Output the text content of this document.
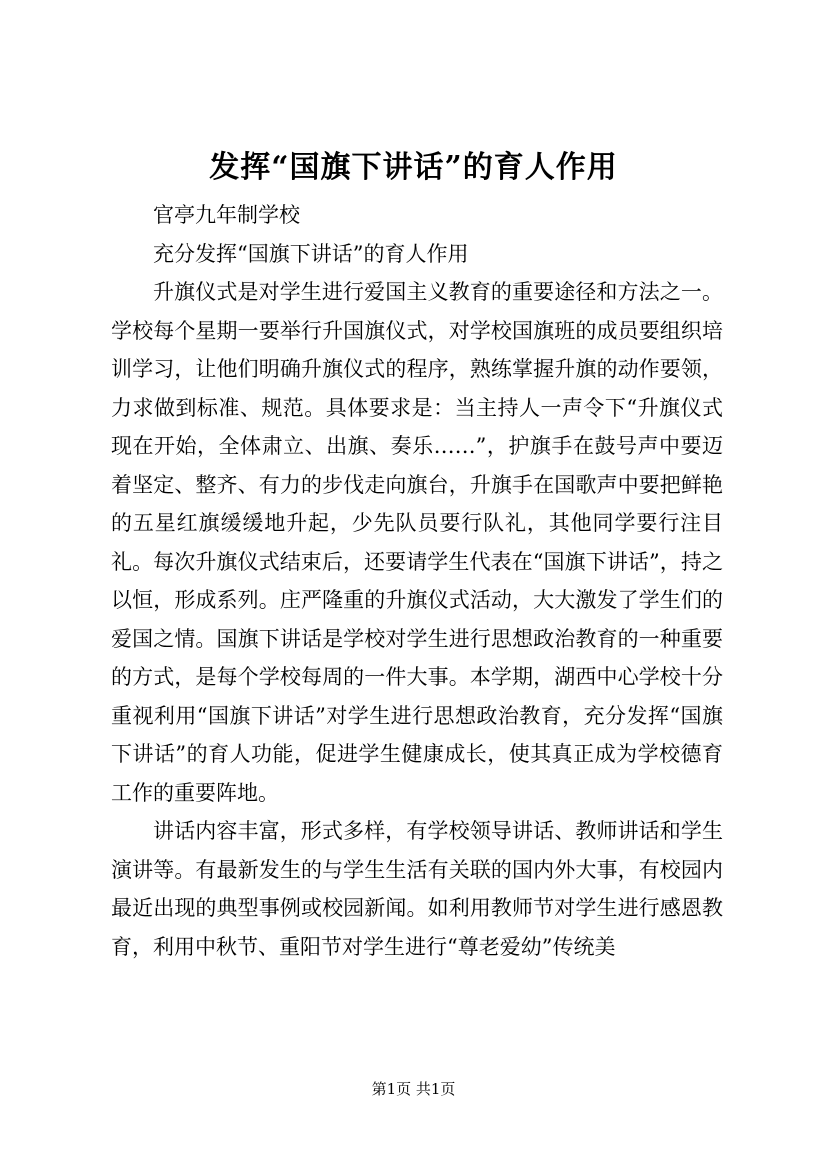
发挥“国旗下讲话”的育人作用

官亭九年制学校

充分发挥“国旗下讲话”的育人作用

升旗仪式是对学生进行爱国主义教育的重要途径和方法之一。学校每个星期一要举行升国旗仪式，对学校国旗班的成员要组织培训学习，让他们明确升旗仪式的程序，熟练掌握升旗的动作要领，力求做到标准、规范。具体要求是：当主持人一声令下“升旗仪式现在开始，全体肃立、出旗、奏乐……”，护旗手在鼓号声中要迈着坚定、整齐、有力的步伐走向旗台，升旗手在国歌声中要把鲜艳的五星红旗缓缓地升起，少先队员要行队礼，其他同学要行注目礼。每次升旗仪式结束后，还要请学生代表在“国旗下讲话”，持之以恒，形成系列。庄严隆重的升旗仪式活动，大大激发了学生们的爱国之情。国旗下讲话是学校对学生进行思想政治教育的一种重要的方式，是每个学校每周的一件大事。本学期，湖西中心学校十分重视利用“国旗下讲话”对学生进行思想政治教育，充分发挥“国旗下讲话”的育人功能，促进学生健康成长，使其真正成为学校德育工作的重要阵地。

讲话内容丰富，形式多样，有学校领导讲话、教师讲话和学生演讲等。有最新发生的与学生生活有关联的国内外大事，有校园内最近出现的典型事例或校园新闻。如利用教师节对学生进行感恩教育，利用中秋节、重阳节对学生进行“尊老爱幼”传统美

第1页 共1页
